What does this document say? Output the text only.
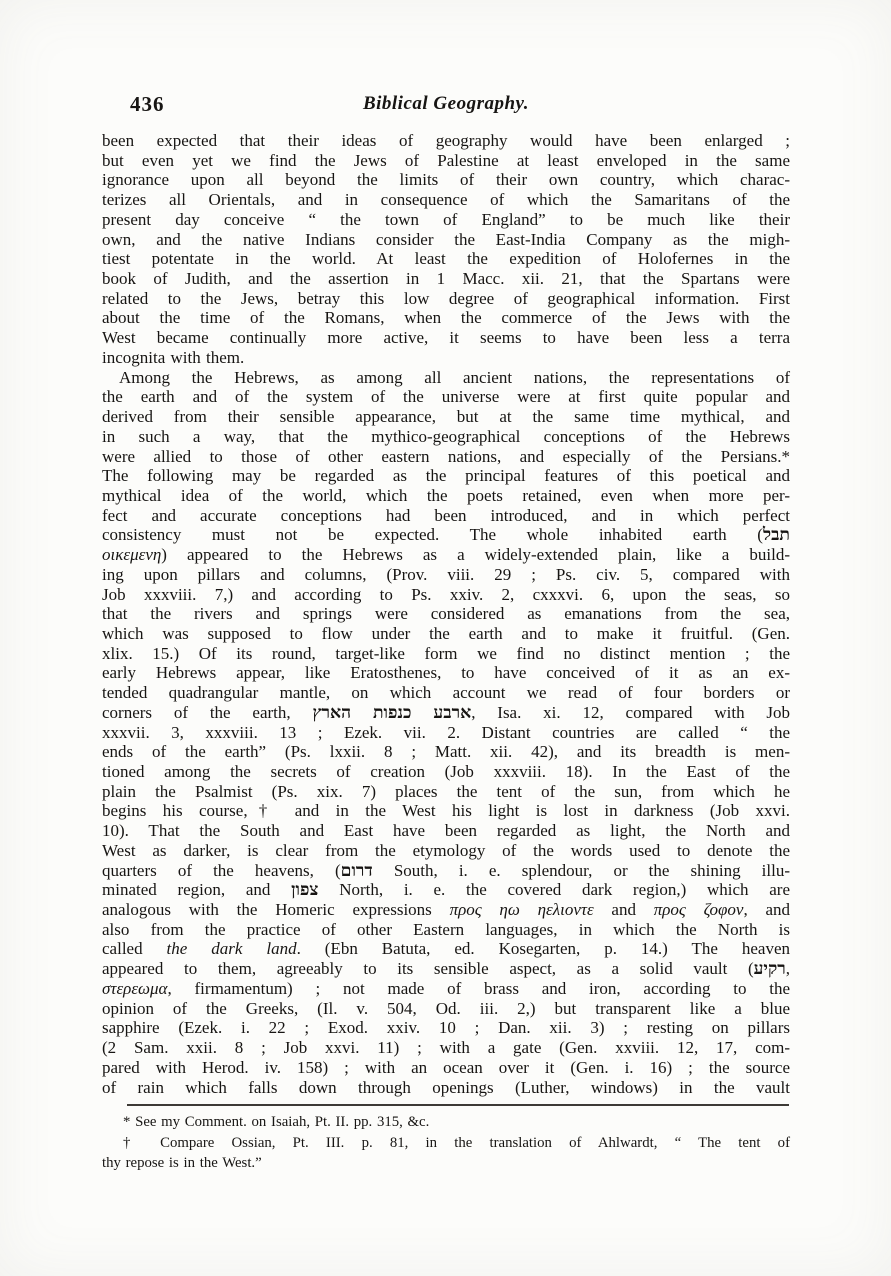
436	Biblical Geography.
been expected that their ideas of geography would have been enlarged ;
but even yet we find the Jews of Palestine at least enveloped in the same
ignorance upon all beyond the limits of their own country, which charac-
terizes all Orientals, and in consequence of which the Samaritans of the
present day conceive “ the town of England” to be much like their
own, and the native Indians consider the East-India Company as the migh-
tiest potentate in the world. At least the expedition of Holofernes in the
book of Judith, and the assertion in 1 Macc. xii. 21, that the Spartans were
related to the Jews, betray this low degree of geographical information. First
about the time of the Romans, when the commerce of the Jews with the
West became continually more active, it seems to have been less a terra
incognita with them.
Among the Hebrews, as among all ancient nations, the representations of
the earth and of the system of the universe were at first quite popular and
derived from their sensible appearance, but at the same time mythical, and
in such a way, that the mythico-geographical conceptions of the Hebrews
were allied to those of other eastern nations, and especially of the Persians.*
The following may be regarded as the principal features of this poetical and
mythical idea of the world, which the poets retained, even when more per-
fect and accurate conceptions had been introduced, and in which perfect
consistency must not be expected. The whole inhabited earth (תבל
οικεμενη) appeared to the Hebrews as a widely-extended plain, like a build-
ing upon pillars and columns, (Prov. viii. 29 ; Ps. civ. 5, compared with
Job xxxviii. 7,) and according to Ps. xxiv. 2, cxxxvi. 6, upon the seas, so
that the rivers and springs were considered as emanations from the sea,
which was supposed to flow under the earth and to make it fruitful. (Gen.
xlix. 15.) Of its round, target-like form we find no distinct mention ; the
early Hebrews appear, like Eratosthenes, to have conceived of it as an ex-
tended quadrangular mantle, on which account we read of four borders or
corners of the earth, ארבע כנפות הארץ, Isa. xi. 12, compared with Job
xxxvii. 3, xxxviii. 13 ; Ezek. vii. 2. Distant countries are called “ the
ends of the earth” (Ps. lxxii. 8 ; Matt. xii. 42), and its breadth is men-
tioned among the secrets of creation (Job xxxviii. 18). In the East of the
plain the Psalmist (Ps. xix. 7) places the tent of the sun, from which he
begins his course,† and in the West his light is lost in darkness (Job xxvi.
10). That the South and East have been regarded as light, the North and
West as darker, is clear from the etymology of the words used to denote the
quarters of the heavens, (דרום South, i. e. splendour, or the shining illu-
minated region, and צפון North, i. e. the covered dark region,) which are
analogous with the Homeric expressions προς ηω ηελιοντε and προς ζοφον, and
also from the practice of other Eastern languages, in which the North is
called the dark land. (Ebn Batuta, ed. Kosegarten, p. 14.) The heaven
appeared to them, agreeably to its sensible aspect, as a solid vault (רקיע,
στερεωμα, firmamentum) ; not made of brass and iron, according to the
opinion of the Greeks, (Il. v. 504, Od. iii. 2,) but transparent like a blue
sapphire (Ezek. i. 22 ; Exod. xxiv. 10 ; Dan. xii. 3) ; resting on pillars
(2 Sam. xxii. 8 ; Job xxvi. 11) ; with a gate (Gen. xxviii. 12, 17, com-
pared with Herod. iv. 158) ; with an ocean over it (Gen. i. 16) ; the source
of rain which falls down through openings (Luther, windows) in the vault
* See my Comment. on Isaiah, Pt. II. pp. 315, &c.
† Compare Ossian, Pt. III. p. 81, in the translation of Ahlwardt, “ The tent of
thy repose is in the West.”
